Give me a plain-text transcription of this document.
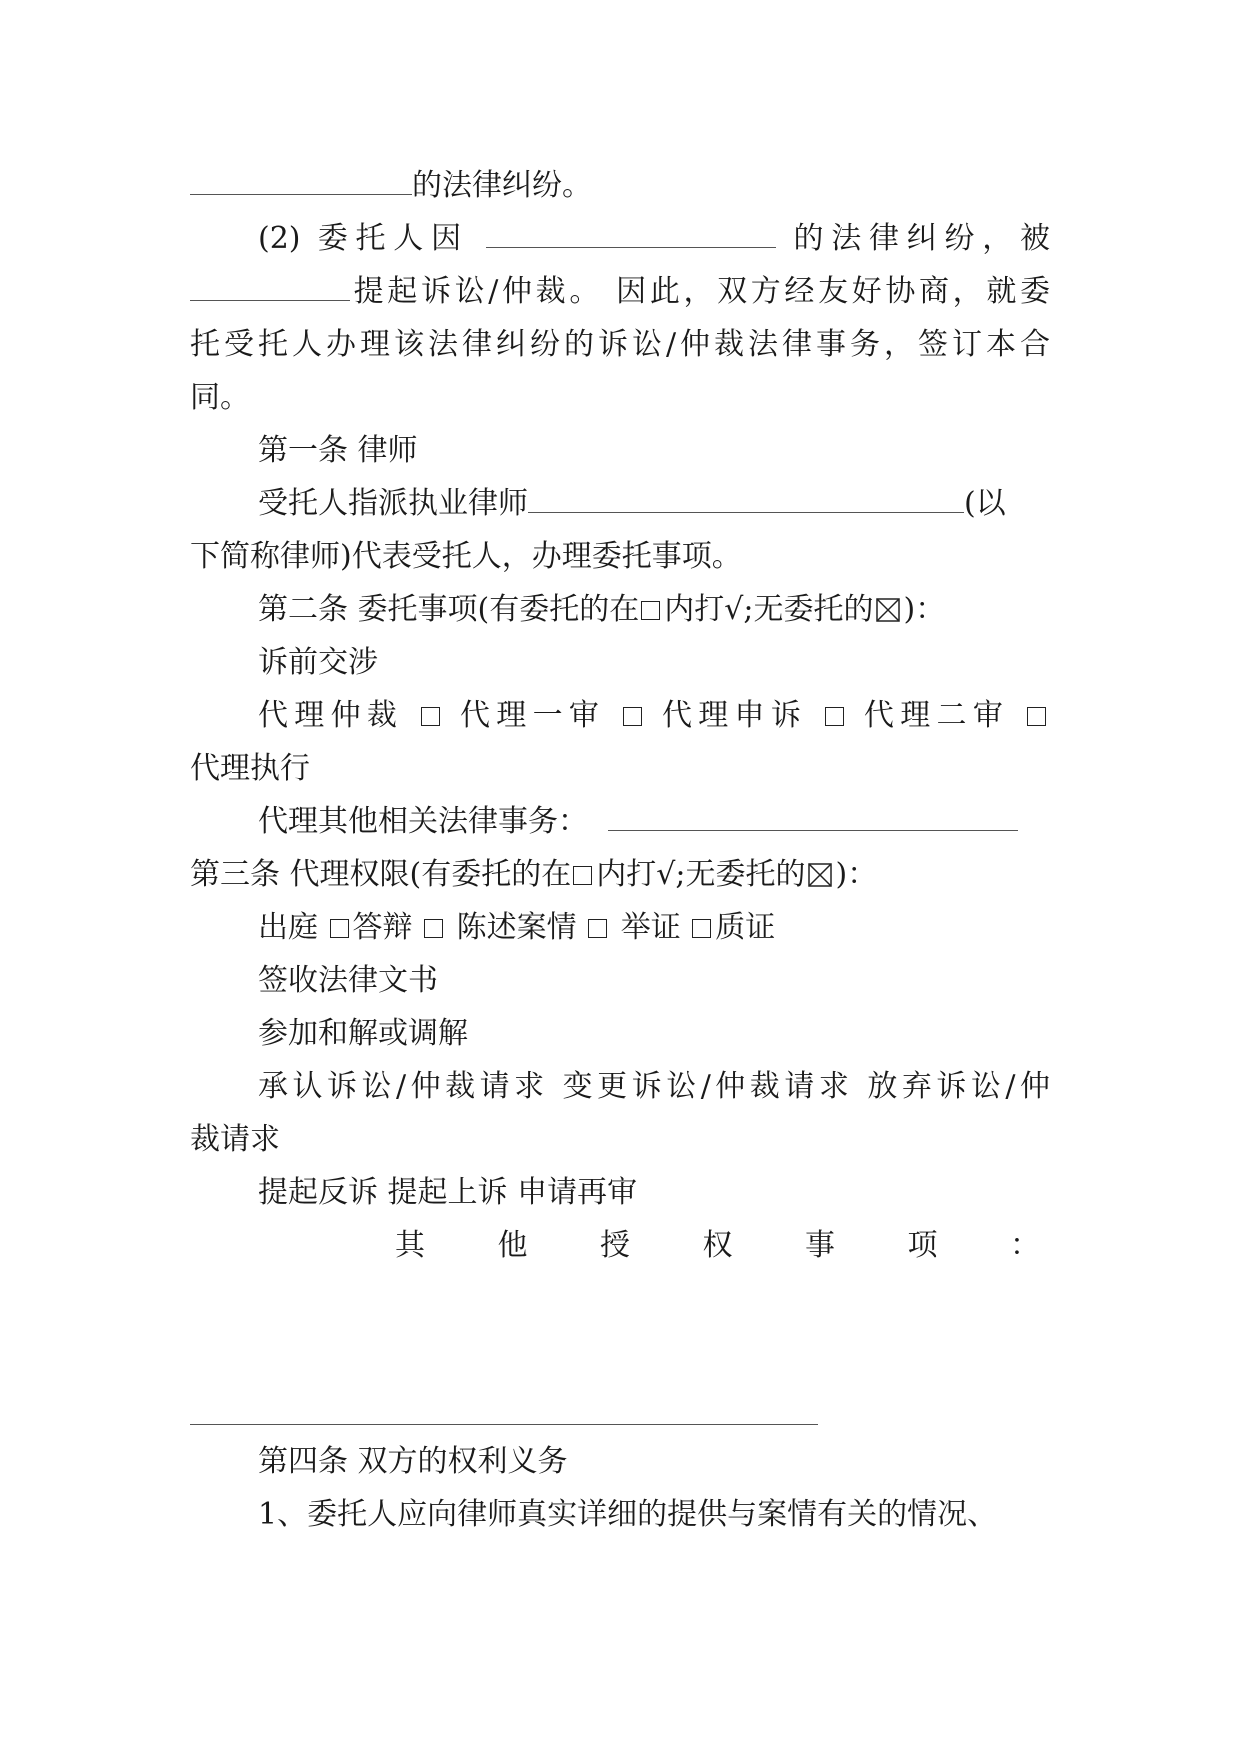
的法律纠纷。
(2) 委托人因	的法律纠纷，被
提起诉讼/仲裁。 因此，双方经友好协商，就委
托受托人办理该法律纠纷的诉讼/仲裁法律事务，签订本合
同。
第一条 律师
受托人指派执业律师	(以
下简称律师)代表受托人，办理委托事项。
第二条 委托事项(有委托的在 内打√;无委托的 ☒ )：
诉前交涉
代理仲裁 代理一审 代理申诉 代理二审
代理执行
代理其他相关法律事务：
第三条 代理权限(有委托的在 内打√;无委托的 ☒ )：
出庭 答辩 陈述案情 举证 质证
签收法律文书
参加和解或调解
承认诉讼/仲裁请求 变更诉讼/仲裁请求 放弃诉讼/仲
裁请求
提起反诉 提起上诉 申请再审
其 他 授 权 事 项 ：
第四条 双方的权利义务
1、委托人应向律师真实详细的提供与案情有关的情况、
